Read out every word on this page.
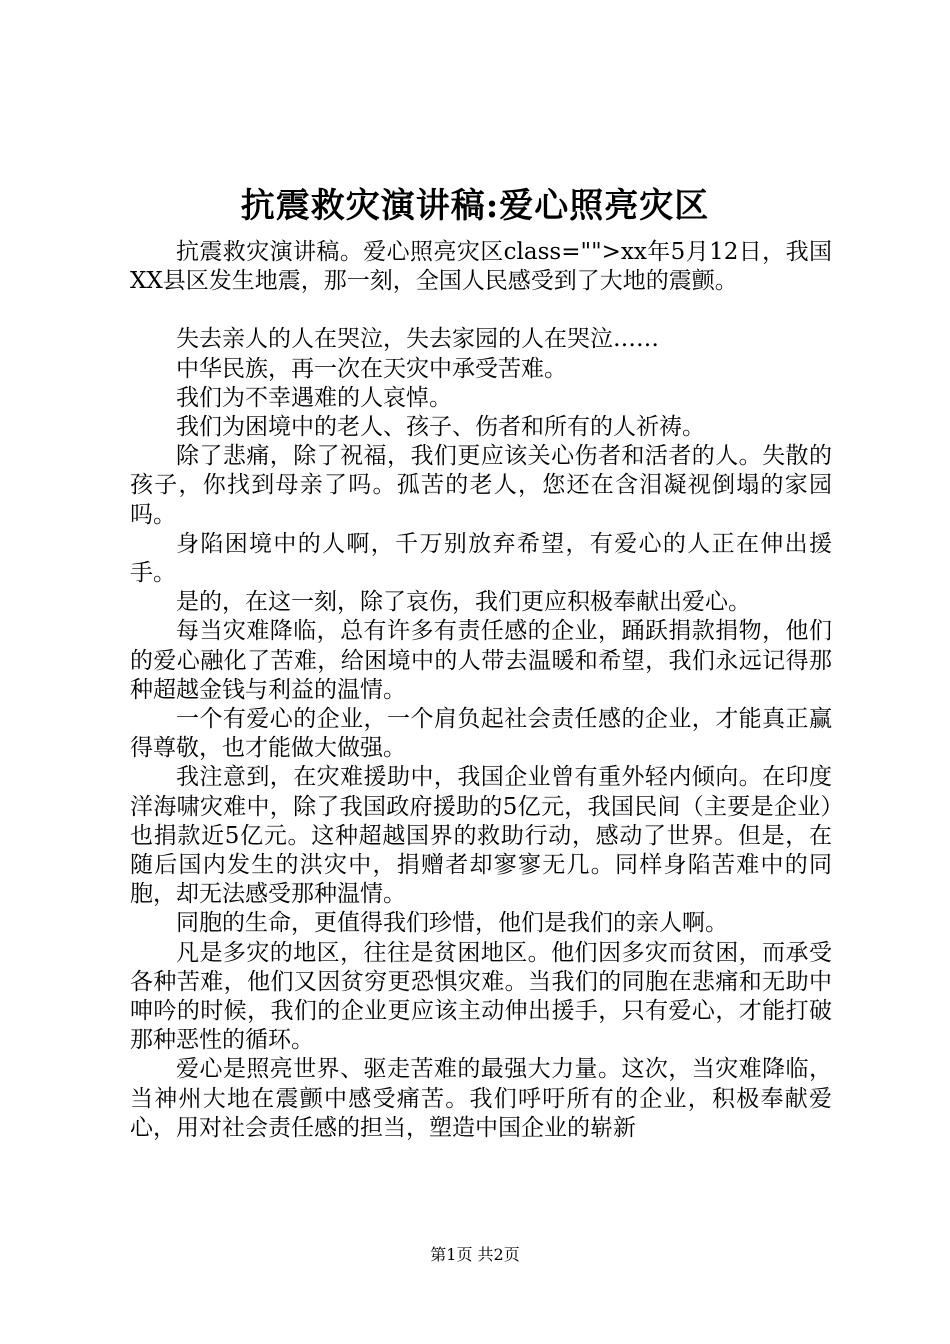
抗震救灾演讲稿:爱心照亮灾区

抗震救灾演讲稿。爱心照亮灾区class="">xx年5月12日，我国XX县区发生地震，那一刻，全国人民感受到了大地的震颤。

失去亲人的人在哭泣，失去家园的人在哭泣……

中华民族，再一次在天灾中承受苦难。

我们为不幸遇难的人哀悼。

我们为困境中的老人、孩子、伤者和所有的人祈祷。

除了悲痛，除了祝福，我们更应该关心伤者和活者的人。失散的孩子，你找到母亲了吗。孤苦的老人，您还在含泪凝视倒塌的家园吗。

身陷困境中的人啊，千万别放弃希望，有爱心的人正在伸出援手。

是的，在这一刻，除了哀伤，我们更应积极奉献出爱心。

每当灾难降临，总有许多有责任感的企业，踊跃捐款捐物，他们的爱心融化了苦难，给困境中的人带去温暖和希望，我们永远记得那种超越金钱与利益的温情。

一个有爱心的企业，一个肩负起社会责任感的企业，才能真正赢得尊敬，也才能做大做强。

我注意到，在灾难援助中，我国企业曾有重外轻内倾向。在印度洋海啸灾难中，除了我国政府援助的5亿元，我国民间（主要是企业）也捐款近5亿元。这种超越国界的救助行动，感动了世界。但是，在随后国内发生的洪灾中，捐赠者却寥寥无几。同样身陷苦难中的同胞，却无法感受那种温情。

同胞的生命，更值得我们珍惜，他们是我们的亲人啊。

凡是多灾的地区，往往是贫困地区。他们因多灾而贫困，而承受各种苦难，他们又因贫穷更恐惧灾难。当我们的同胞在悲痛和无助中呻吟的时候，我们的企业更应该主动伸出援手，只有爱心，才能打破那种恶性的循环。

爱心是照亮世界、驱走苦难的最强大力量。这次，当灾难降临，当神州大地在震颤中感受痛苦。我们呼吁所有的企业，积极奉献爱心，用对社会责任感的担当，塑造中国企业的崭新

第1页 共2页
